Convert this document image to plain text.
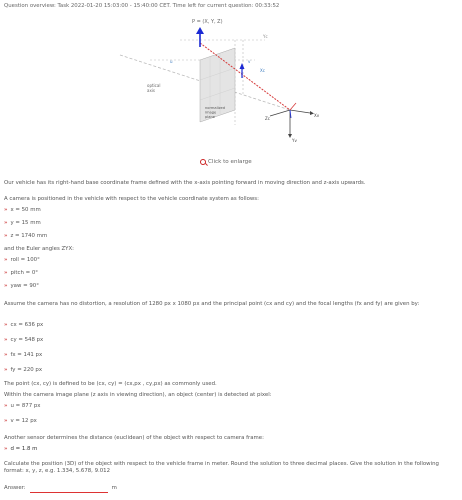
Question overview: Task 2022-01-20 15:03:00 - 15:40:00 CET. Time left for current question: 00:33:52
P = (X, Y, Z)
Yc
u	v
Xc
Zc
Xv
Yv
optical axis
normalized image plane
Click to enlarge
Our vehicle has its right-hand base coordinate frame defined with the x-axis pointing forward in moving direction and z-axis upwards.
A camera is positioned in the vehicle with respect to the vehicle coordinate system as follows:
» x = 50 mm
» y = 15 mm
» z = 1740 mm
and the Euler angles ZYX:
» roll = 100°
» pitch = 0°
» yaw = 90°
Assume the camera has no distortion, a resolution of 1280 px x 1080 px and the principal point (cx and cy) and the focal lengths (fx and fy) are given by:
» cx = 636 px
» cy = 548 px
» fx = 141 px
» fy = 220 px
The point (cx, cy) is defined to be (cx, cy) = (cx,px , cy,px) as commonly used.
Within the camera image plane (z axis in viewing direction), an object (center) is detected at pixel:
» u = 877 px
» v = 12 px
Another sensor determines the distance (euclidean) of the object with respect to camera frame:
» d = 1.8 m
Calculate the position (3D) of the object with respect to the vehicle frame in meter. Round the solution to three decimal places. Give the solution in the following format: x, y, z, e.g. 1.334, 5.678, 9.012
Answer:	m
